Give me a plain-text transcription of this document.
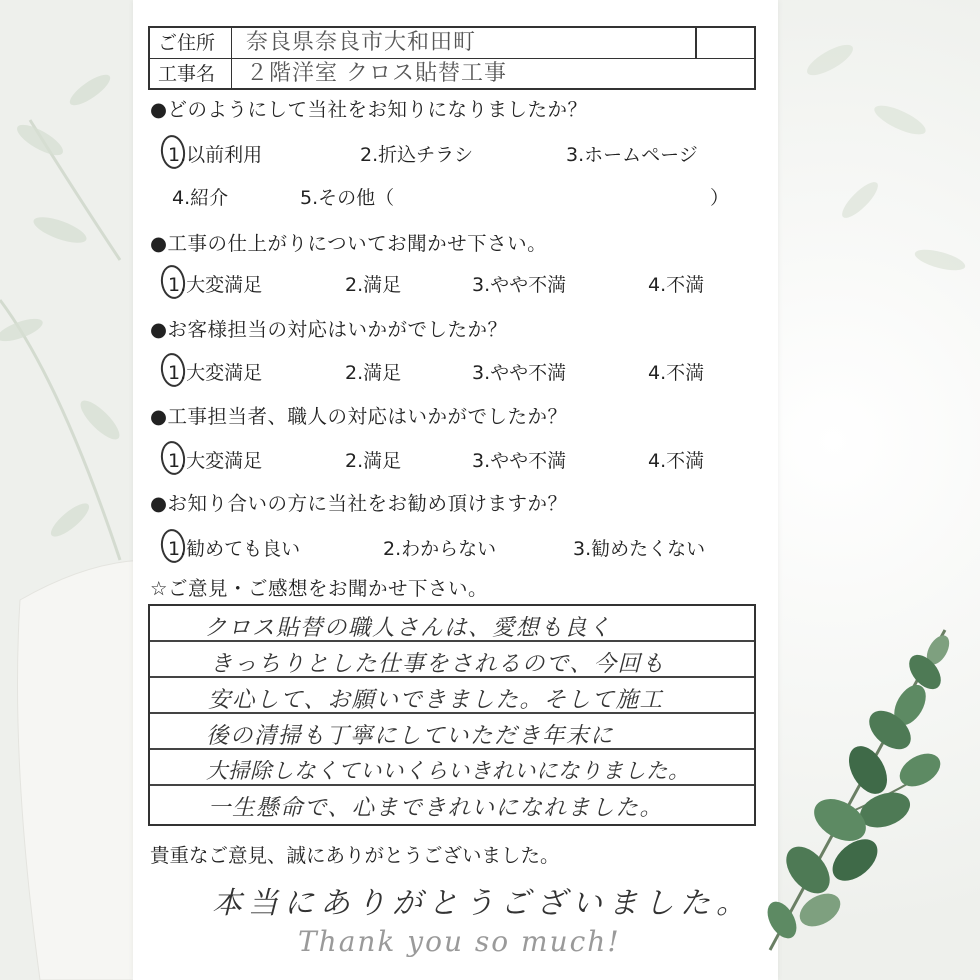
ご住所	奈良県奈良市大和田町
工事名	２階洋室 クロス貼替工事
●どのようにして当社をお知りになりましたか？
1.以前利用	2.折込チラシ	3.ホームページ
4.紹介	5.その他（	）
●工事の仕上がりについてお聞かせ下さい。
1.大変満足	2.満足	3.やや不満	4.不満
●お客様担当の対応はいかがでしたか？
1.大変満足	2.満足	3.やや不満	4.不満
●工事担当者、職人の対応はいかがでしたか？
1.大変満足	2.満足	3.やや不満	4.不満
●お知り合いの方に当社をお勧め頂けますか？
1.勧めても良い	2.わからない	3.勧めたくない
☆ご意見・ご感想をお聞かせ下さい。
クロス貼替の職人さんは、愛想も良く
きっちりとした仕事をされるので、今回も
安心して、お願いできました。そして施工
後の清掃も丁寧にしていただき年末に
大掃除しなくていいくらいきれいになりました。
一生懸命で、心まできれいになれました。
貴重なご意見、誠にありがとうございました。
本当にありがとうございました。
Thank you so much!
